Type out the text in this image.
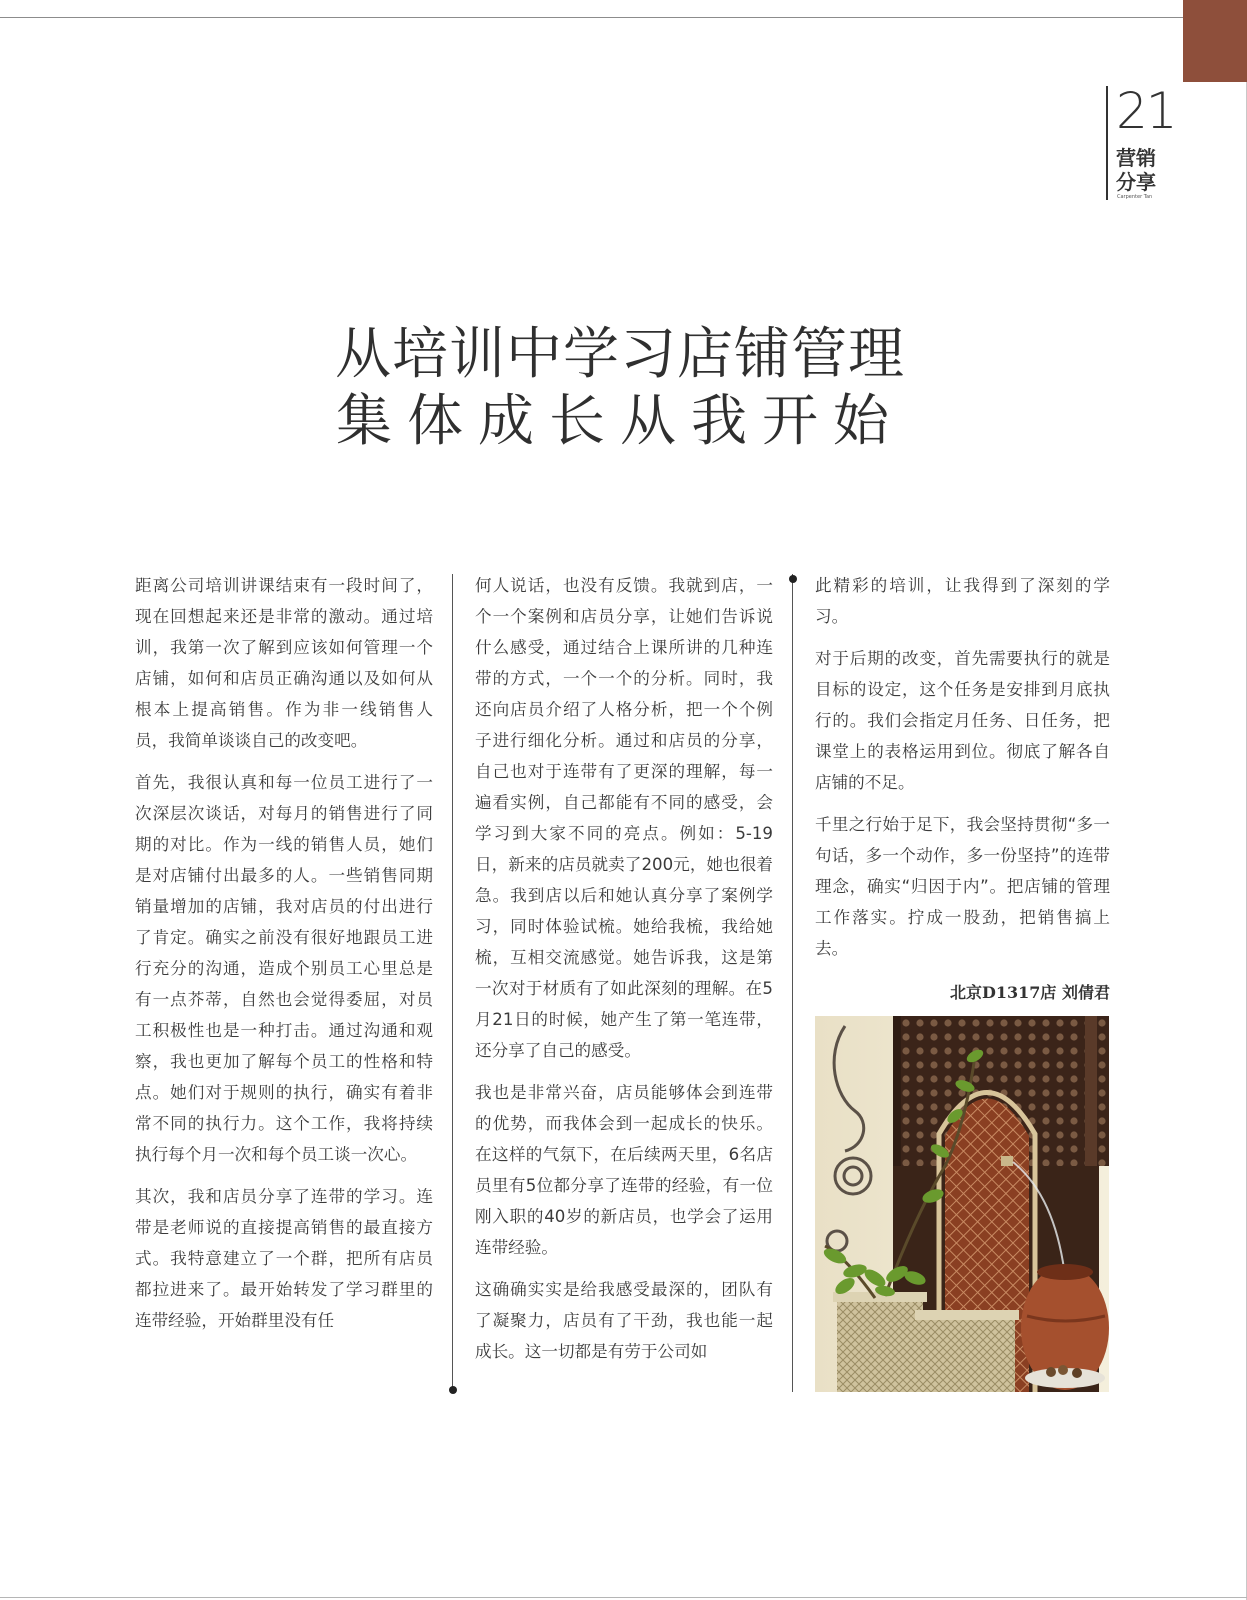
21
营销
分享
Carpenter Tan
从培训中学习店铺管理
集体成长从我开始

距离公司培训讲课结束有一段时间了，现在回想起来还是非常的激动。通过培训，我第一次了解到应该如何管理一个店铺，如何和店员正确沟通以及如何从根本上提高销售。作为非一线销售人员，我简单谈谈自己的改变吧。

首先，我很认真和每一位员工进行了一次深层次谈话，对每月的销售进行了同期的对比。作为一线的销售人员，她们是对店铺付出最多的人。一些销售同期销量增加的店铺，我对店员的付出进行了肯定。确实之前没有很好地跟员工进行充分的沟通，造成个别员工心里总是有一点芥蒂，自然也会觉得委屈，对员工积极性也是一种打击。通过沟通和观察，我也更加了解每个员工的性格和特点。她们对于规则的执行，确实有着非常不同的执行力。这个工作，我将持续执行每个月一次和每个员工谈一次心。

其次，我和店员分享了连带的学习。连带是老师说的直接提高销售的最直接方式。我特意建立了一个群，把所有店员都拉进来了。最开始转发了学习群里的连带经验，开始群里没有任

何人说话，也没有反馈。我就到店，一个一个案例和店员分享，让她们告诉说什么感受，通过结合上课所讲的几种连带的方式，一个一个的分析。同时，我还向店员介绍了人格分析，把一个个例子进行细化分析。通过和店员的分享，自己也对于连带有了更深的理解，每一遍看实例，自己都能有不同的感受，会学习到大家不同的亮点。例如：5-19日，新来的店员就卖了200元，她也很着急。我到店以后和她认真分享了案例学习，同时体验试梳。她给我梳，我给她梳，互相交流感觉。她告诉我，这是第一次对于材质有了如此深刻的理解。在5月21日的时候，她产生了第一笔连带，还分享了自己的感受。

我也是非常兴奋，店员能够体会到连带的优势，而我体会到一起成长的快乐。在这样的气氛下，在后续两天里，6名店员里有5位都分享了连带的经验，有一位刚入职的40岁的新店员，也学会了运用连带经验。

这确确实实是给我感受最深的，团队有了凝聚力，店员有了干劲，我也能一起成长。这一切都是有劳于公司如

此精彩的培训，让我得到了深刻的学习。

对于后期的改变，首先需要执行的就是目标的设定，这个任务是安排到月底执行的。我们会指定月任务、日任务，把课堂上的表格运用到位。彻底了解各自店铺的不足。

千里之行始于足下，我会坚持贯彻“多一句话，多一个动作，多一份坚持”的连带理念，确实“归因于内”。把店铺的管理工作落实。拧成一股劲，把销售搞上去。

北京D1317店 刘倩君
